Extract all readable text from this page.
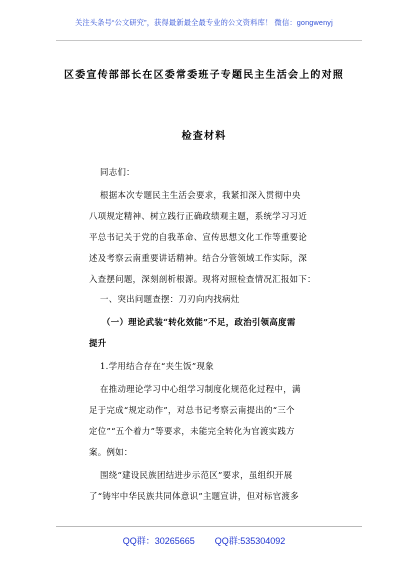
关注头条号“公文研究”，获得最新最全最专业的公文资料库！ 微信：gongwenyj
区委宣传部部长在区委常委班子专题民主生活会上的对照
检查材料
同志们：
根据本次专题民主生活会要求，我紧扣深入贯彻中央
八项规定精神、树立践行正确政绩观主题，系统学习习近
平总书记关于党的自我革命、宣传思想文化工作等重要论
述及考察云南重要讲话精神。结合分管领域工作实际，深
入查摆问题，深刻剖析根源。现将对照检查情况汇报如下：
一、突出问题查摆：刀刃向内找病灶
（一）理论武装“转化效能”不足，政治引领高度需
提升
1.学用结合存在“夹生饭”现象
在推动理论学习中心组学习制度化规范化过程中，满
足于完成“规定动作”，对总书记考察云南提出的“三个
定位”“五个着力”等要求，未能完全转化为官渡实践方
案。例如：
围绕“建设民族团结进步示范区”要求，虽组织开展
了“铸牢中华民族共同体意识”主题宣讲，但对标官渡多
QQ群：30265665 QQ群:535304092
